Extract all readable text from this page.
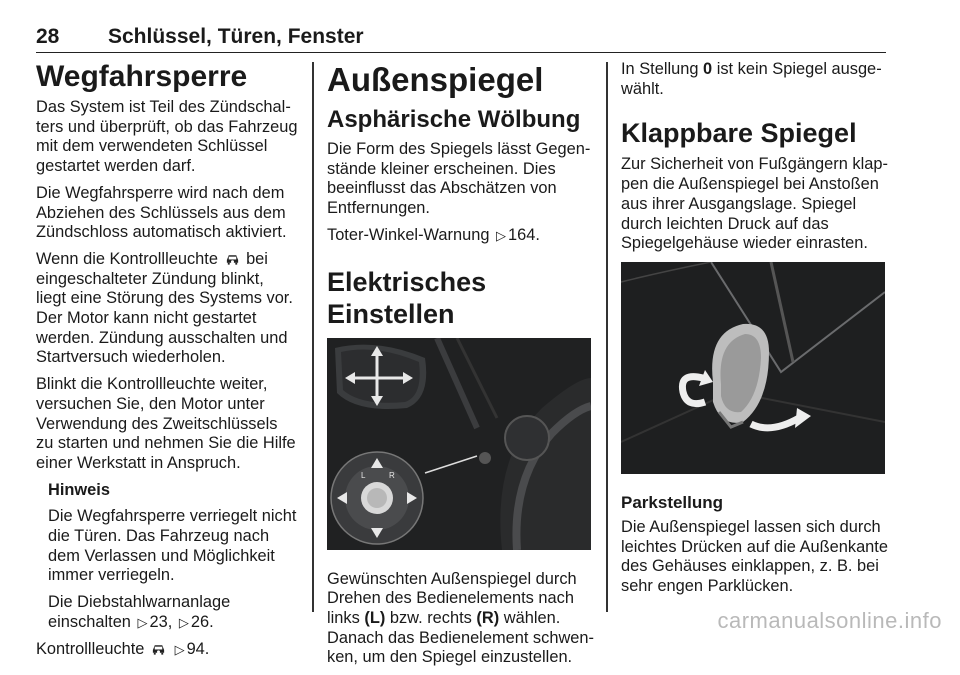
28 Schlüssel, Türen, Fenster
Wegfahrsperre

Das System ist Teil des Zündschalters und überprüft, ob das Fahrzeug mit dem verwendeten Schlüssel gestartet werden darf.

Die Wegfahrsperre wird nach dem Abziehen des Schlüssels aus dem Zündschloss automatisch aktiviert.

Wenn die Kontrollleuchte bei eingeschalteter Zündung blinkt, liegt eine Störung des Systems vor. Der Motor kann nicht gestartet werden. Zündung ausschalten und Startversuch wiederholen.

Blinkt die Kontrollleuchte weiter, versuchen Sie, den Motor unter Verwendung des Zweitschlüssels zu starten und nehmen Sie die Hilfe einer Werkstatt in Anspruch.

Hinweis

Die Wegfahrsperre verriegelt nicht die Türen. Das Fahrzeug nach dem Verlassen und Möglichkeit immer verriegeln.

Die Diebstahlwarnanlage einschalten ▷ 23, ▷ 26.

Kontrollleuchte ▷ 94.

Außenspiegel
Asphärische Wölbung

Die Form des Spiegels lässt Gegenstände kleiner erscheinen. Dies beeinflusst das Abschätzen von Entfernungen.

Toter-Winkel-Warnung ▷ 164.

Elektrisches Einstellen
L	R

Gewünschten Außenspiegel durch Drehen des Bedienelements nach links (L) bzw. rechts (R) wählen. Danach das Bedienelement schwenken, um den Spiegel einzustellen.

In Stellung 0 ist kein Spiegel ausgewählt.

Klappbare Spiegel

Zur Sicherheit von Fußgängern klappen die Außenspiegel bei Anstoßen aus ihrer Ausgangslage. Spiegel durch leichten Druck auf das Spiegelgehäuse wieder einrasten.

Parkstellung

Die Außenspiegel lassen sich durch leichtes Drücken auf die Außenkante des Gehäuses einklappen, z. B. bei sehr engen Parklücken.

carmanualsonline.info
